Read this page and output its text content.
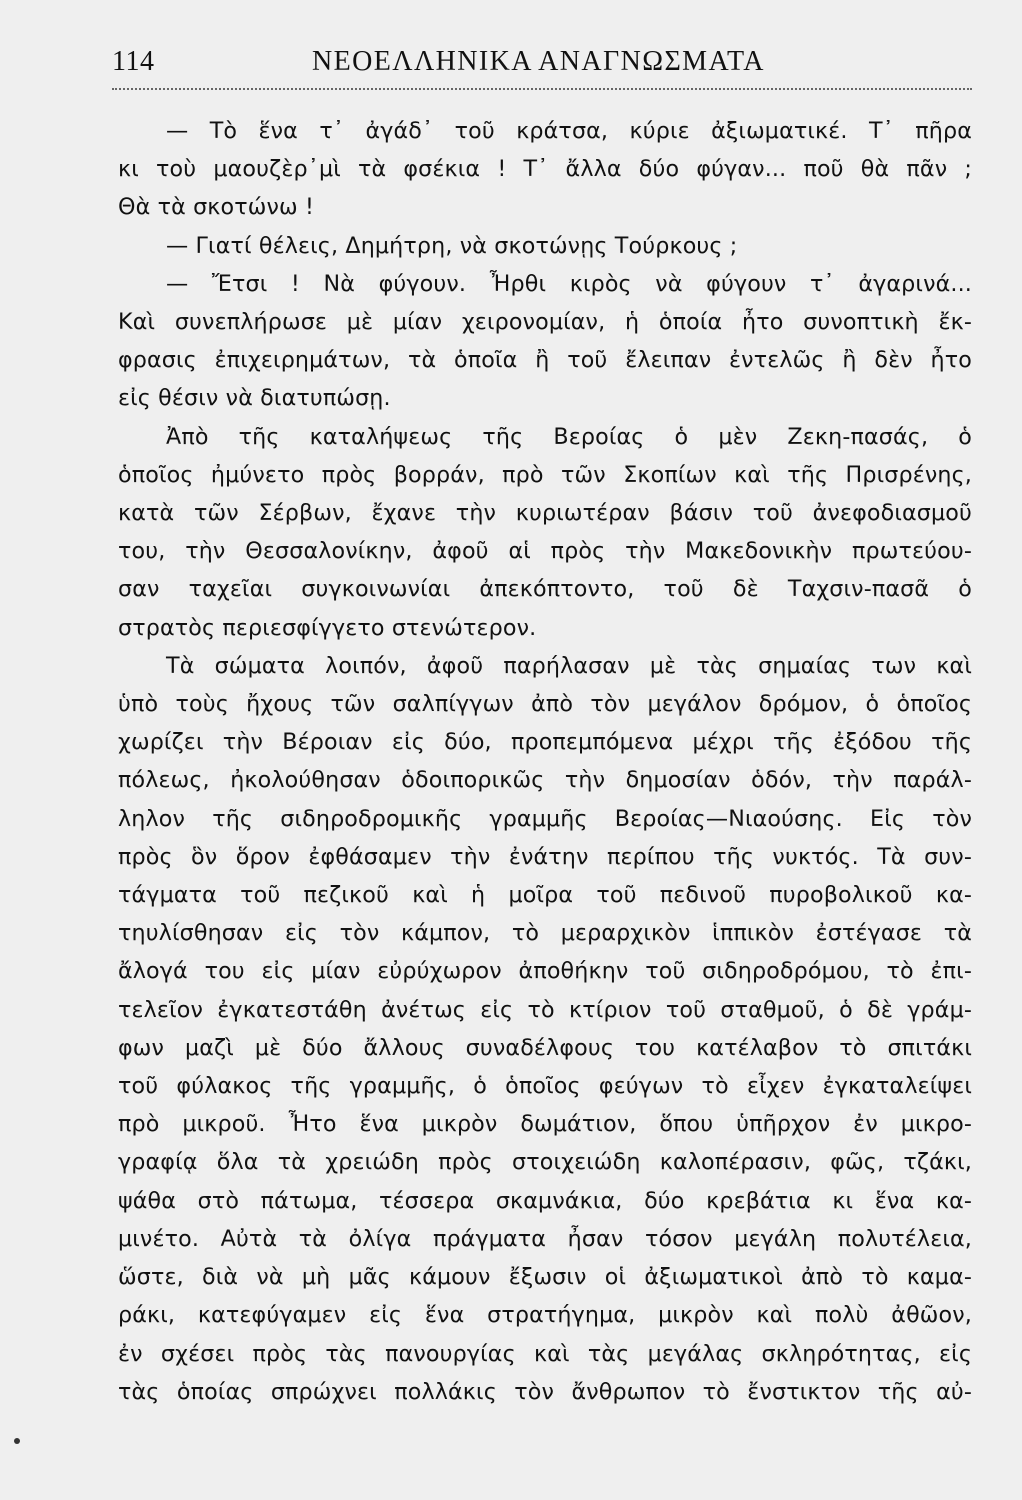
114	ΝΕΟΕΛΛΗΝΙΚΑ ΑΝΑΓΝΩΣΜΑΤΑ
— Τὸ ἕνα τ᾽ ἀγάδ᾽ τοῦ κράτσα, κύριε ἀξιωματικέ. Τ᾽ πῆρα
κι τοὺ μαουζὲρ᾽μὶ τὰ φσέκια ! Τ᾽ ἄλλα δύο φύγαν... ποῦ θὰ πᾶν ;
Θὰ τὰ σκοτώνω !
— Γιατί θέλεις, Δημήτρη, νὰ σκοτώνῃς Τούρκους ;
— Ἔτσι ! Νὰ φύγουν. Ἦρθι κιρὸς νὰ φύγουν τ᾽ ἀγαρινά...
Καὶ συνεπλήρωσε μὲ μίαν χειρονομίαν, ἡ ὁποία ἦτο συνοπτικὴ ἔκ-
φρασις ἐπιχειρημάτων, τὰ ὁποῖα ἢ τοῦ ἔλειπαν ἐντελῶς ἢ δὲν ἦτο
εἰς θέσιν νὰ διατυπώσῃ.
Ἀπὸ τῆς καταλήψεως τῆς Βεροίας ὁ μὲν Ζεκη-πασάς, ὁ
ὁποῖος ἠμύνετο πρὸς βορράν, πρὸ τῶν Σκοπίων καὶ τῆς Πρισρένης,
κατὰ τῶν Σέρβων, ἔχανε τὴν κυριωτέραν βάσιν τοῦ ἀνεφοδιασμοῦ
του, τὴν Θεσσαλονίκην, ἀφοῦ αἱ πρὸς τὴν Μακεδονικὴν πρωτεύου-
σαν ταχεῖαι συγκοινωνίαι ἀπεκόπτοντο, τοῦ δὲ Ταχσιν-πασᾶ ὁ
στρατὸς περιεσφίγγετο στενώτερον.
Τὰ σώματα λοιπόν, ἀφοῦ παρήλασαν μὲ τὰς σημαίας των καὶ
ὑπὸ τοὺς ἤχους τῶν σαλπίγγων ἀπὸ τὸν μεγάλον δρόμον, ὁ ὁποῖος
χωρίζει τὴν Βέροιαν εἰς δύο, προπεμπόμενα μέχρι τῆς ἐξόδου τῆς
πόλεως, ἠκολούθησαν ὁδοιπορικῶς τὴν δημοσίαν ὁδόν, τὴν παράλ-
ληλον τῆς σιδηροδρομικῆς γραμμῆς Βεροίας—Νιαούσης. Εἰς τὸν
πρὸς ὃν ὅρον ἐφθάσαμεν τὴν ἐνάτην περίπου τῆς νυκτός. Τὰ συν-
τάγματα τοῦ πεζικοῦ καὶ ἡ μοῖρα τοῦ πεδινοῦ πυροβολικοῦ κα-
τηυλίσθησαν εἰς τὸν κάμπον, τὸ μεραρχικὸν ἱππικὸν ἐστέγασε τὰ
ἄλογά του εἰς μίαν εὐρύχωρον ἀποθήκην τοῦ σιδηροδρόμου, τὸ ἐπι-
τελεῖον ἐγκατεστάθη ἀνέτως εἰς τὸ κτίριον τοῦ σταθμοῦ, ὁ δὲ γράμ-
φων μαζὶ μὲ δύο ἄλλους συναδέλφους του κατέλαβον τὸ σπιτάκι
τοῦ φύλακος τῆς γραμμῆς, ὁ ὁποῖος φεύγων τὸ εἶχεν ἐγκαταλείψει
πρὸ μικροῦ. Ἦτο ἕνα μικρὸν δωμάτιον, ὅπου ὑπῆρχον ἐν μικρο-
γραφίᾳ ὅλα τὰ χρειώδη πρὸς στοιχειώδη καλοπέρασιν, φῶς, τζάκι,
ψάθα στὸ πάτωμα, τέσσερα σκαμνάκια, δύο κρεβάτια κι ἕνα κα-
μινέτο. Αὐτὰ τὰ ὀλίγα πράγματα ἦσαν τόσον μεγάλη πολυτέλεια,
ὥστε, διὰ νὰ μὴ μᾶς κάμουν ἔξωσιν οἱ ἀξιωματικοὶ ἀπὸ τὸ καμα-
ράκι, κατεφύγαμεν εἰς ἕνα στρατήγημα, μικρὸν καὶ πολὺ ἀθῶον,
ἐν σχέσει πρὸς τὰς πανουργίας καὶ τὰς μεγάλας σκληρότητας, εἰς
τὰς ὁποίας σπρώχνει πολλάκις τὸν ἄνθρωπον τὸ ἔνστικτον τῆς αὐ-
